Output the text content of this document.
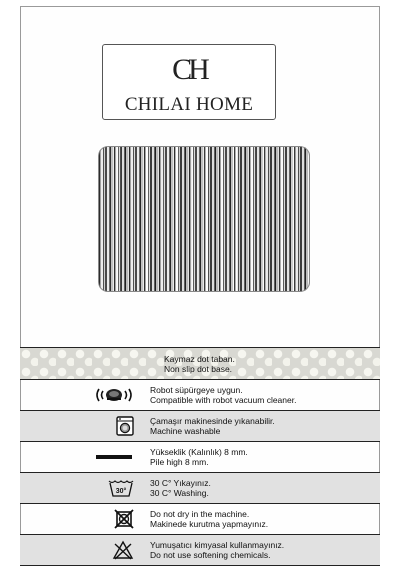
CH
CHILAI HOME
Kaymaz dot taban.
Non slip dot base.
Robot süpürgeye uygun.
Compatible with robot vacuum cleaner.
Çamaşır makinesinde yıkanabilir.
Machine washable
Yükseklik (Kalınlık) 8 mm.
Pile high 8 mm.
30°
30 C° Yıkayınız.
30 C° Washing.
Do not dry in the machine.
Makinede kurutma yapmayınız.
Yumuşatıcı kimyasal kullanmayınız.
Do not use softening chemicals.
